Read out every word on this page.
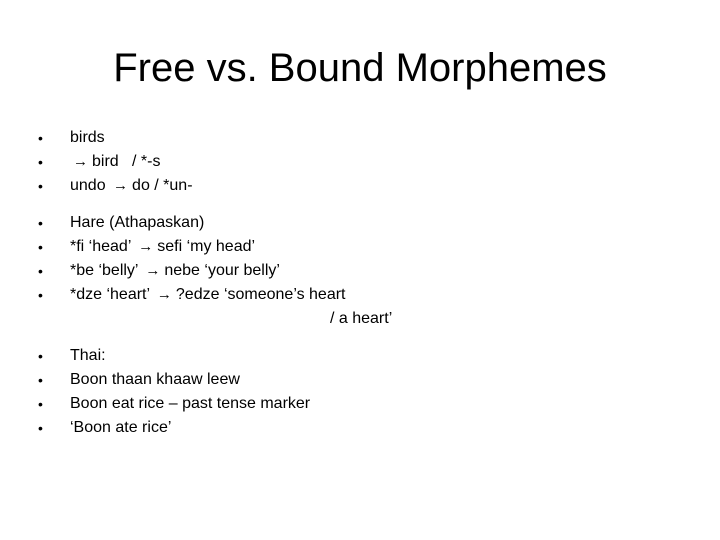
Free vs. Bound Morphemes
• birds
• → bird   / *-s
• undo → do / *un-
• Hare (Athapaskan)
• *fi ‘head’ → sefi ‘my head’
• *be ‘belly’ → nebe ‘your belly’
• *dze ‘heart’ → ?edze ‘someone’s heart
/ a heart’
• Thai:
• Boon thaan khaaw leew
• Boon eat rice – past tense marker
• ‘Boon ate rice’
